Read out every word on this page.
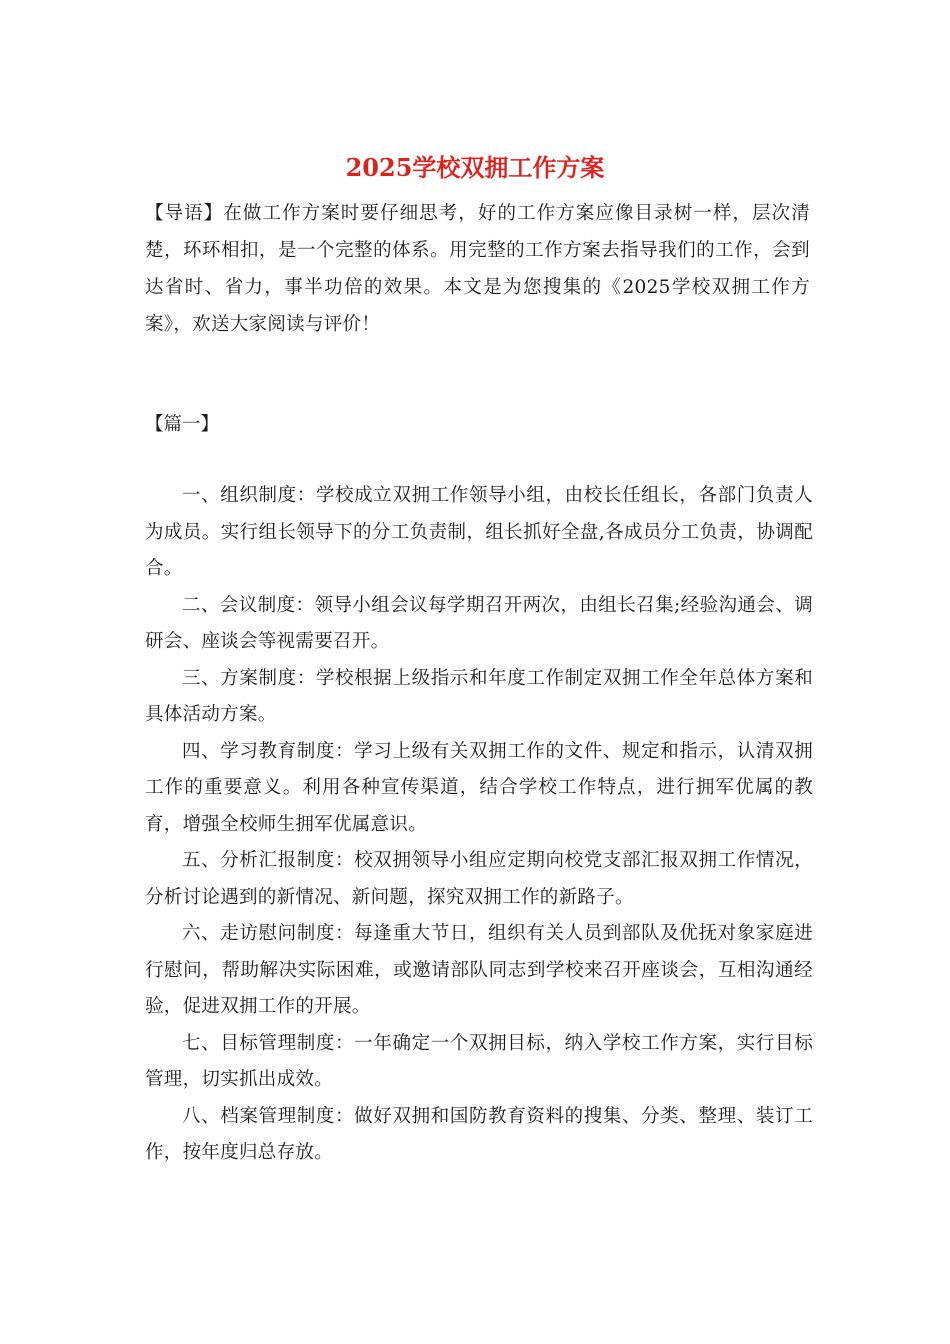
2025学校双拥工作方案

【导语】在做工作方案时要仔细思考，好的工作方案应像目录树一样，层次清楚，环环相扣，是一个完整的体系。用完整的工作方案去指导我们的工作，会到达省时、省力，事半功倍的效果。本文是为您搜集的《2025学校双拥工作方案》，欢送大家阅读与评价！

【篇一】

一、组织制度：学校成立双拥工作领导小组，由校长任组长，各部门负责人为成员。实行组长领导下的分工负责制，组长抓好全盘,各成员分工负责，协调配合。

二、会议制度：领导小组会议每学期召开两次，由组长召集;经验沟通会、调研会、座谈会等视需要召开。

三、方案制度：学校根据上级指示和年度工作制定双拥工作全年总体方案和具体活动方案。

四、学习教育制度：学习上级有关双拥工作的文件、规定和指示，认清双拥工作的重要意义。利用各种宣传渠道，结合学校工作特点，进行拥军优属的教育，增强全校师生拥军优属意识。

五、分析汇报制度：校双拥领导小组应定期向校党支部汇报双拥工作情况，分析讨论遇到的新情况、新问题，探究双拥工作的新路子。

六、走访慰问制度：每逢重大节日，组织有关人员到部队及优抚对象家庭进行慰问，帮助解决实际困难，或邀请部队同志到学校来召开座谈会，互相沟通经验，促进双拥工作的开展。

七、目标管理制度：一年确定一个双拥目标，纳入学校工作方案，实行目标管理，切实抓出成效。

八、档案管理制度：做好双拥和国防教育资料的搜集、分类、整理、装订工作，按年度归总存放。
